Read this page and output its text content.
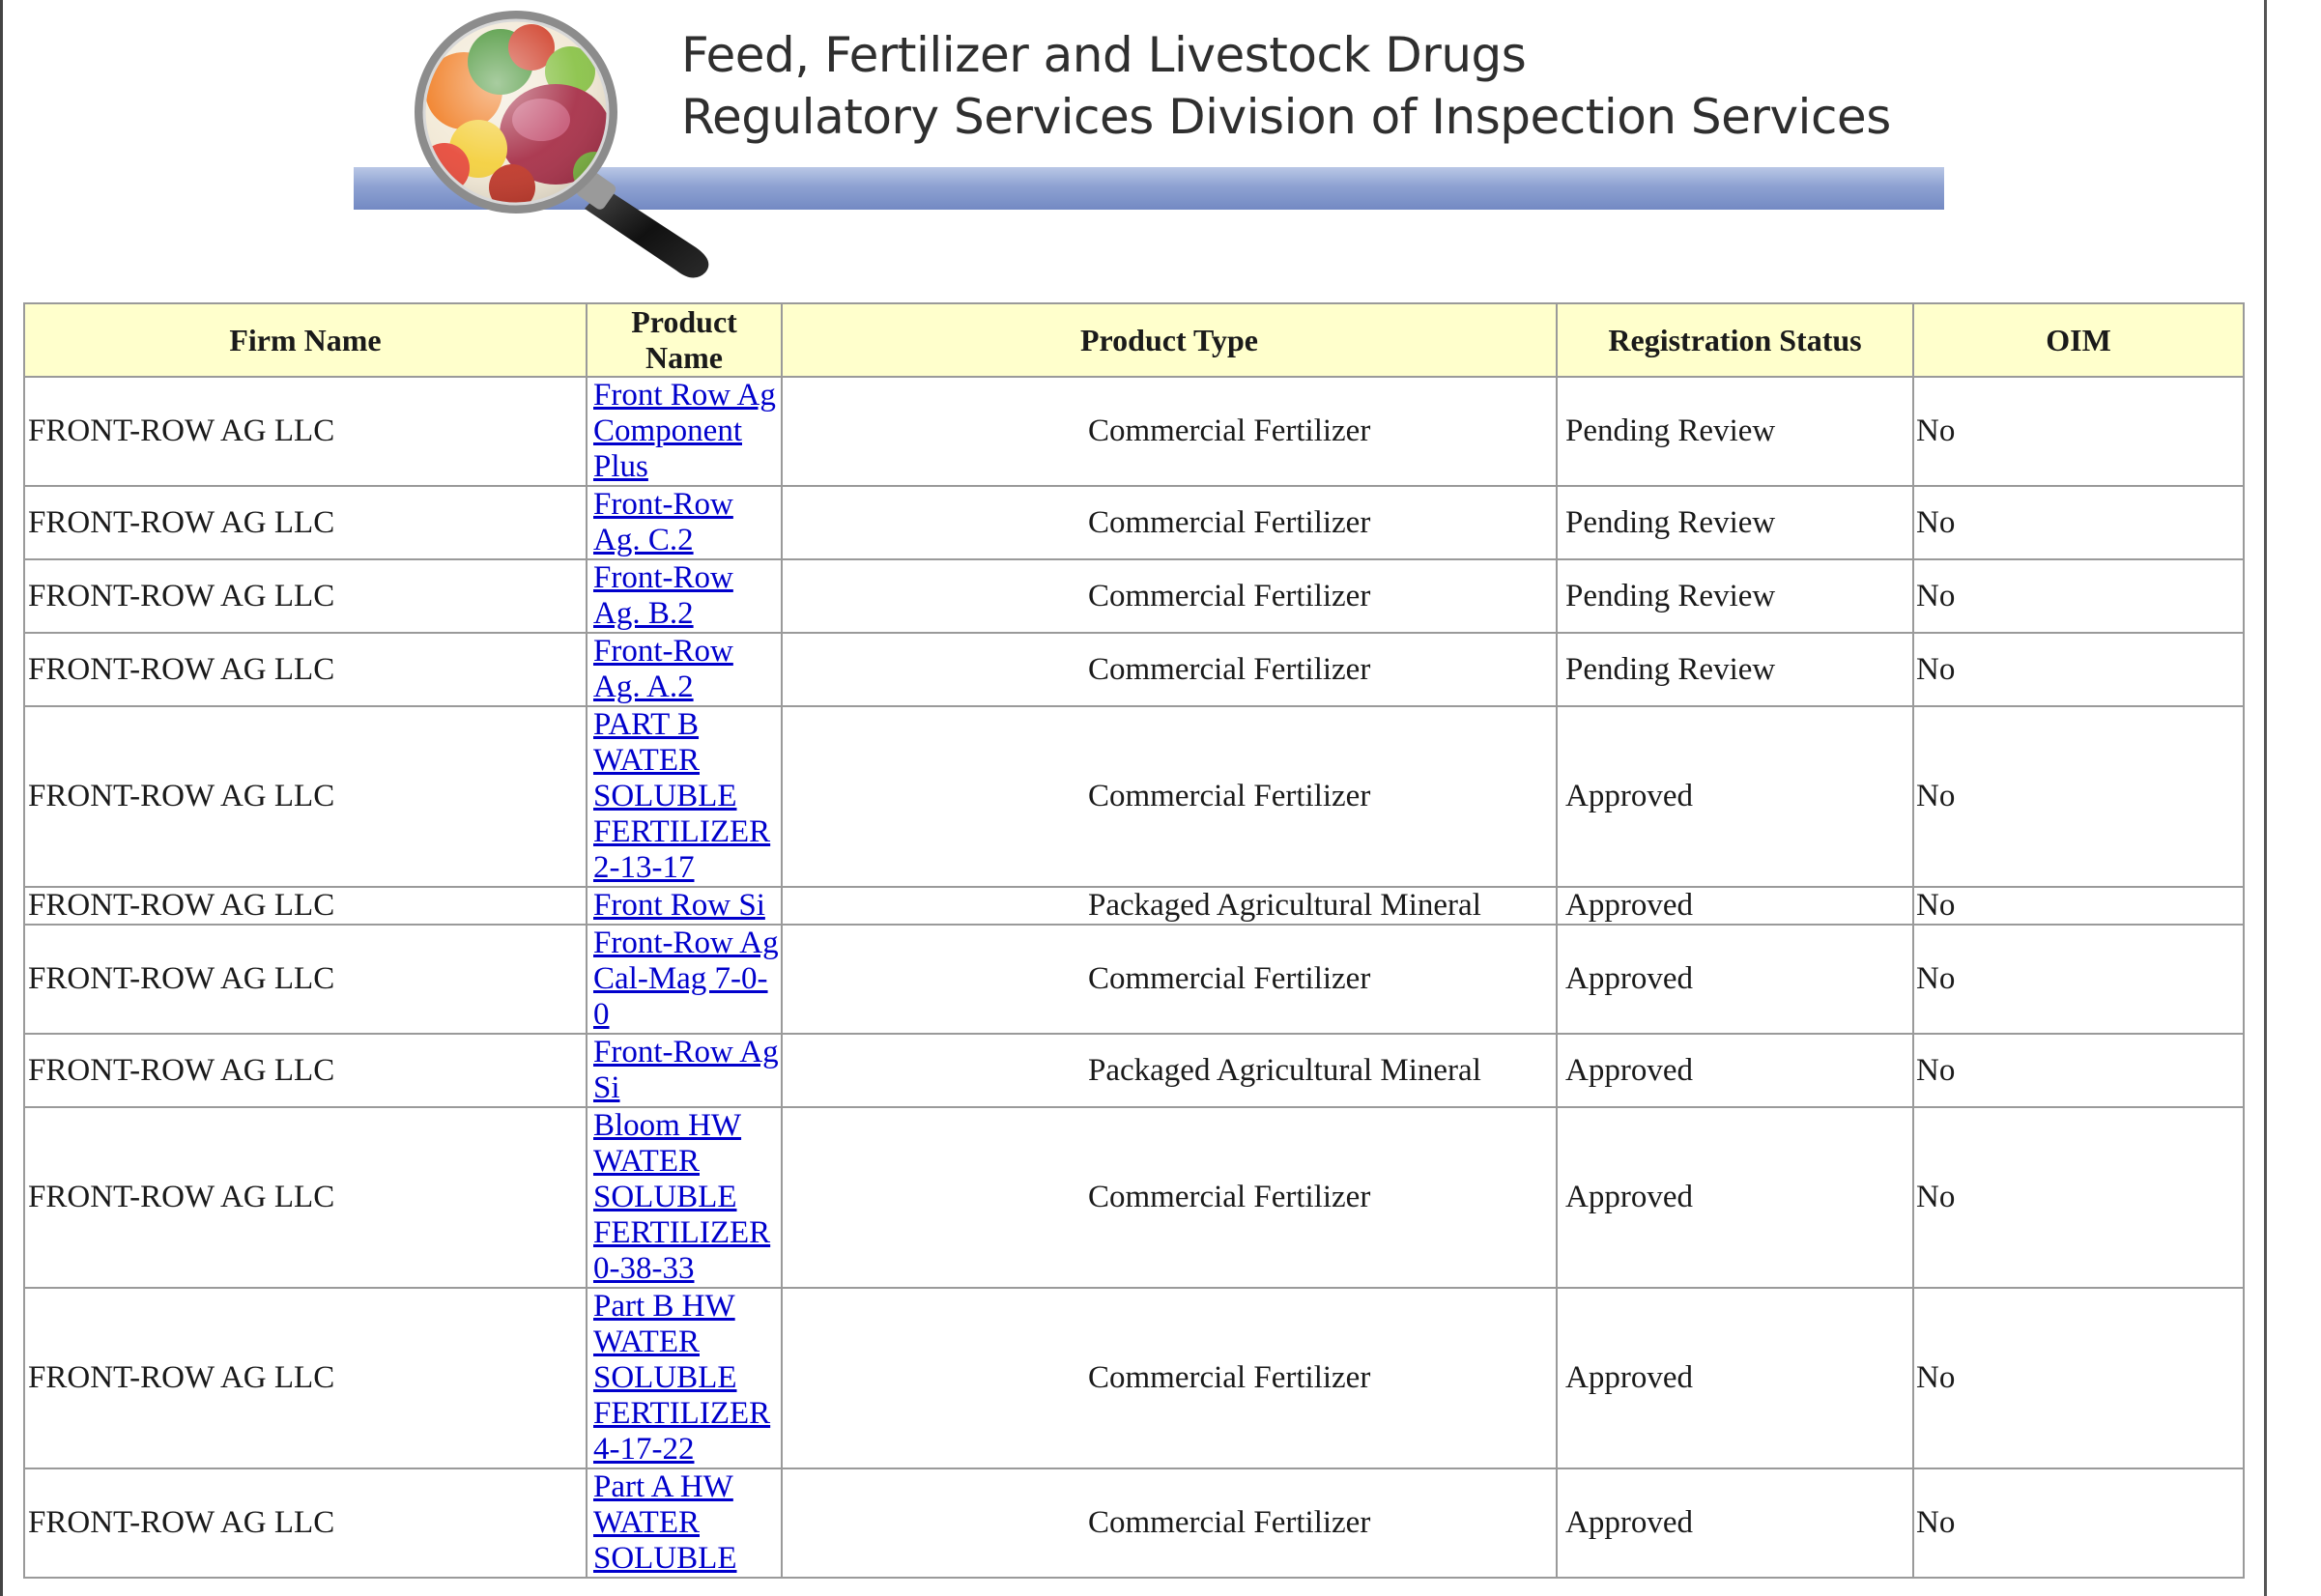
Feed, Fertilizer and Livestock Drugs
Regulatory Services Division of Inspection Services
Firm Name	Product Name	Product Type	Registration Status	OIM
FRONT-ROW AG LLC	Front Row Ag Component Plus	Commercial Fertilizer	Pending Review	No
FRONT-ROW AG LLC	Front-Row Ag. C.2	Commercial Fertilizer	Pending Review	No
FRONT-ROW AG LLC	Front-Row Ag. B.2	Commercial Fertilizer	Pending Review	No
FRONT-ROW AG LLC	Front-Row Ag. A.2	Commercial Fertilizer	Pending Review	No
FRONT-ROW AG LLC	PART B WATER SOLUBLE FERTILIZER 2-13-17	Commercial Fertilizer	Approved	No
FRONT-ROW AG LLC	Front Row Si	Packaged Agricultural Mineral	Approved	No
FRONT-ROW AG LLC	Front-Row Ag Cal-Mag 7-0-0	Commercial Fertilizer	Approved	No
FRONT-ROW AG LLC	Front-Row Ag Si	Packaged Agricultural Mineral	Approved	No
FRONT-ROW AG LLC	Bloom HW WATER SOLUBLE FERTILIZER 0-38-33	Commercial Fertilizer	Approved	No
FRONT-ROW AG LLC	Part B HW WATER SOLUBLE FERTILIZER 4-17-22	Commercial Fertilizer	Approved	No
FRONT-ROW AG LLC	Part A HW WATER SOLUBLE	Commercial Fertilizer	Approved	No
